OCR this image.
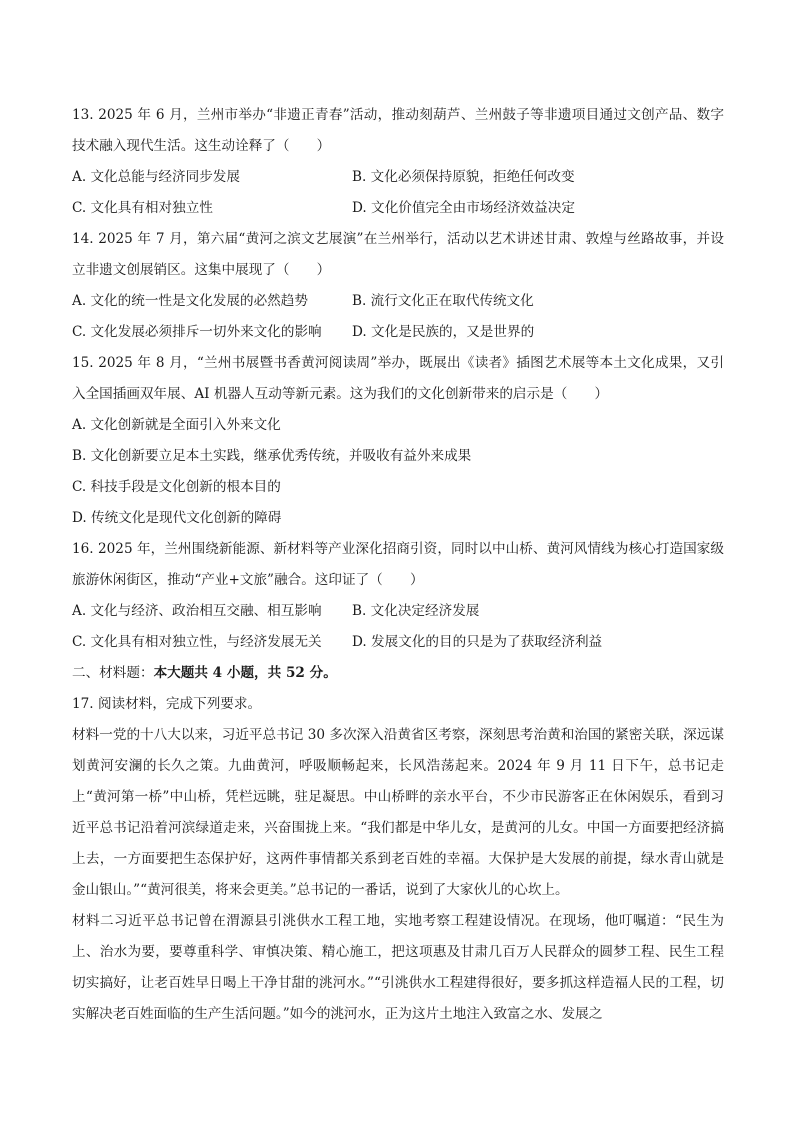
13. 2025 年 6 月，兰州市举办“非遗正青春”活动，推动刻葫芦、兰州鼓子等非遗项目通过文创产品、数字技术融入现代生活。这生动诠释了（　　）

A. 文化总能与经济同步发展	B. 文化必须保持原貌，拒绝任何改变
C. 文化具有相对独立性	D. 文化价值完全由市场经济效益决定

14. 2025 年 7 月，第六届“黄河之滨文艺展演”在兰州举行，活动以艺术讲述甘肃、敦煌与丝路故事，并设立非遗文创展销区。这集中展现了（　　）

A. 文化的统一性是文化发展的必然趋势	B. 流行文化正在取代传统文化
C. 文化发展必须排斥一切外来文化的影响	D. 文化是民族的，又是世界的

15. 2025 年 8 月，“兰州书展暨书香黄河阅读周”举办，既展出《读者》插图艺术展等本土文化成果，又引入全国插画双年展、AI 机器人互动等新元素。这为我们的文化创新带来的启示是（　　）

A. 文化创新就是全面引入外来文化

B. 文化创新要立足本土实践，继承优秀传统，并吸收有益外来成果

C. 科技手段是文化创新的根本目的

D. 传统文化是现代文化创新的障碍

16. 2025 年，兰州围绕新能源、新材料等产业深化招商引资，同时以中山桥、黄河风情线为核心打造国家级旅游休闲街区，推动“产业+文旅”融合。这印证了（　　）

A. 文化与经济、政治相互交融、相互影响	B. 文化决定经济发展
C. 文化具有相对独立性，与经济发展无关	D. 发展文化的目的只是为了获取经济利益

二、材料题：本大题共 4 小题，共 52 分。

17. 阅读材料，完成下列要求。

材料一党的十八大以来，习近平总书记 30 多次深入沿黄省区考察，深刻思考治黄和治国的紧密关联，深远谋划黄河安澜的长久之策。九曲黄河，呼吸顺畅起来，长风浩荡起来。2024 年 9 月 11 日下午，总书记走上“黄河第一桥”中山桥，凭栏远眺，驻足凝思。中山桥畔的亲水平台，不少市民游客正在休闲娱乐，看到习近平总书记沿着河滨绿道走来，兴奋围拢上来。“我们都是中华儿女，是黄河的儿女。中国一方面要把经济搞上去，一方面要把生态保护好，这两件事情都关系到老百姓的幸福。大保护是大发展的前提，绿水青山就是金山银山。”“黄河很美，将来会更美。”总书记的一番话，说到了大家伙儿的心坎上。

材料二习近平总书记曾在渭源县引洮供水工程工地，实地考察工程建设情况。在现场，他叮嘱道：“民生为上、治水为要，要尊重科学、审慎决策、精心施工，把这项惠及甘肃几百万人民群众的圆梦工程、民生工程切实搞好，让老百姓早日喝上干净甘甜的洮河水。”“引洮供水工程建得很好，要多抓这样造福人民的工程，切实解决老百姓面临的生产生活问题。”如今的洮河水，正为这片土地注入致富之水、发展之
